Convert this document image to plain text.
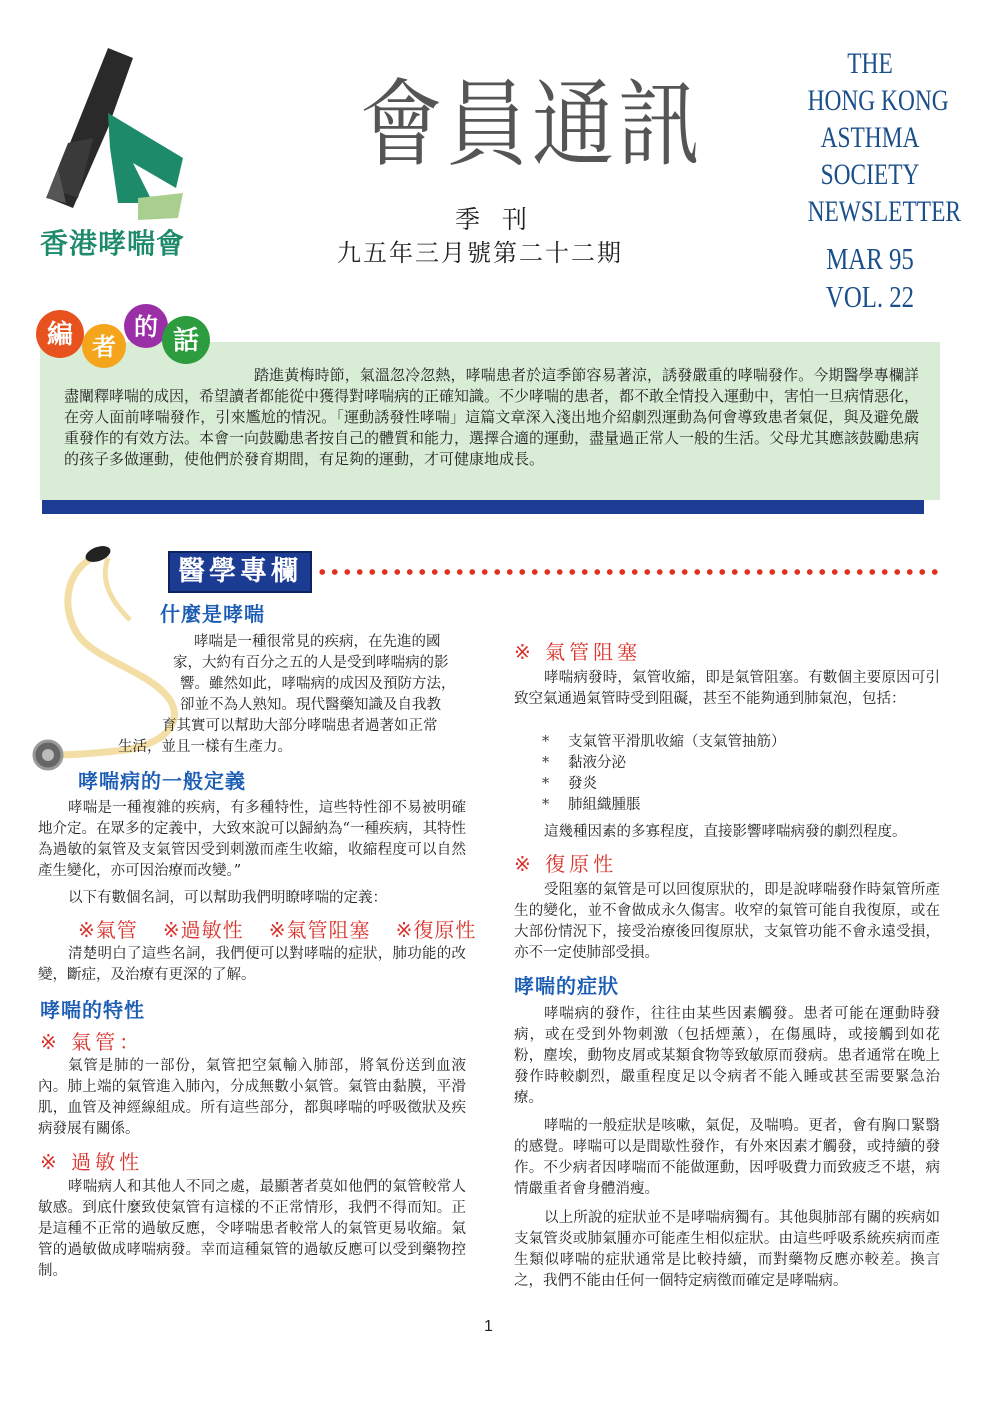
香港哮喘會
會員通訊
季刊
九五年三月號第二十二期
THE
HONG KONG
ASTHMA
SOCIETY
NEWSLETTER
MAR 95
VOL. 22
編 者
的 話
踏進黃梅時節，氣溫忽冷忽熱，哮喘患者於這季節容易著涼，誘發嚴重的哮喘發作。今期醫學專欄詳盡闡釋哮喘的成因，希望讀者都能從中獲得對哮喘病的正確知識。不少哮喘的患者，都不敢全情投入運動中，害怕一旦病情惡化，在旁人面前哮喘發作，引來尷尬的情況。「運動誘發性哮喘」這篇文章深入淺出地介紹劇烈運動為何會導致患者氣促，與及避免嚴重發作的有效方法。本會一向鼓勵患者按自己的體質和能力，選擇合適的運動，盡量過正常人一般的生活。父母尤其應該鼓勵患病的孩子多做運動，使他們於發育期間，有足夠的運動，才可健康地成長。
醫學專欄
什麼是哮喘
哮喘是一種很常見的疾病，在先進的國
家，大約有百分之五的人是受到哮喘病的影
響。雖然如此，哮喘病的成因及預防方法，
卻並不為人熟知。現代醫藥知識及自我教
育其實可以幫助大部分哮喘患者過著如正常
生活，並且一樣有生產力。
哮喘病的一般定義
哮喘是一種複雜的疾病，有多種特性，這些特性卻不易被明確地介定。在眾多的定義中，大致來說可以歸納為“一種疾病，其特性為過敏的氣管及支氣管因受到刺激而產生收縮，收縮程度可以自然產生變化，亦可因治療而改變。”
以下有數個名詞，可以幫助我們明瞭哮喘的定義：
※氣管 ※過敏性 ※氣管阻塞 ※復原性
清楚明白了這些名詞，我們便可以對哮喘的症狀，肺功能的改變，斷症，及治療有更深的了解。
哮喘的特性
※ 氣管：
氣管是肺的一部份，氣管把空氣輸入肺部，將氧份送到血液內。肺上端的氣管進入肺內，分成無數小氣管。氣管由黏膜，平滑肌，血管及神經線組成。所有這些部分，都與哮喘的呼吸徵狀及疾病發展有關係。
※ 過敏性
哮喘病人和其他人不同之處，最顯著者莫如他們的氣管較常人敏感。到底什麼致使氣管有這樣的不正常情形，我們不得而知。正是這種不正常的過敏反應，令哮喘患者較常人的氣管更易收縮。氣管的過敏做成哮喘病發。幸而這種氣管的過敏反應可以受到藥物控制。
※ 氣管阻塞
哮喘病發時，氣管收縮，即是氣管阻塞。有數個主要原因可引致空氣通過氣管時受到阻礙，甚至不能夠通到肺氣泡，包括：
* 支氣管平滑肌收縮（支氣管抽筋）
* 黏液分泌
* 發炎
* 肺組織腫脹
這幾種因素的多寡程度，直接影響哮喘病發的劇烈程度。
※ 復原性
受阻塞的氣管是可以回復原狀的，即是說哮喘發作時氣管所產生的變化，並不會做成永久傷害。收窄的氣管可能自我復原，或在大部份情況下，接受治療後回復原狀，支氣管功能不會永遠受損，亦不一定使肺部受損。
哮喘的症狀
哮喘病的發作，往往由某些因素觸發。患者可能在運動時發病，或在受到外物刺激（包括煙薰），在傷風時，或接觸到如花粉，塵埃，動物皮屑或某類食物等致敏原而發病。患者通常在晚上發作時較劇烈，嚴重程度足以令病者不能入睡或甚至需要緊急治療。
哮喘的一般症狀是咳嗽，氣促，及喘鳴。更者，會有胸口緊翳的感覺。哮喘可以是間歇性發作，有外來因素才觸發，或持續的發作。不少病者因哮喘而不能做運動，因呼吸費力而致疲乏不堪，病情嚴重者會身體消瘦。
以上所說的症狀並不是哮喘病獨有。其他與肺部有關的疾病如支氣管炎或肺氣腫亦可能產生相似症狀。由這些呼吸系統疾病而產生類似哮喘的症狀通常是比較持續，而對藥物反應亦較差。換言之，我們不能由任何一個特定病徵而確定是哮喘病。
1
